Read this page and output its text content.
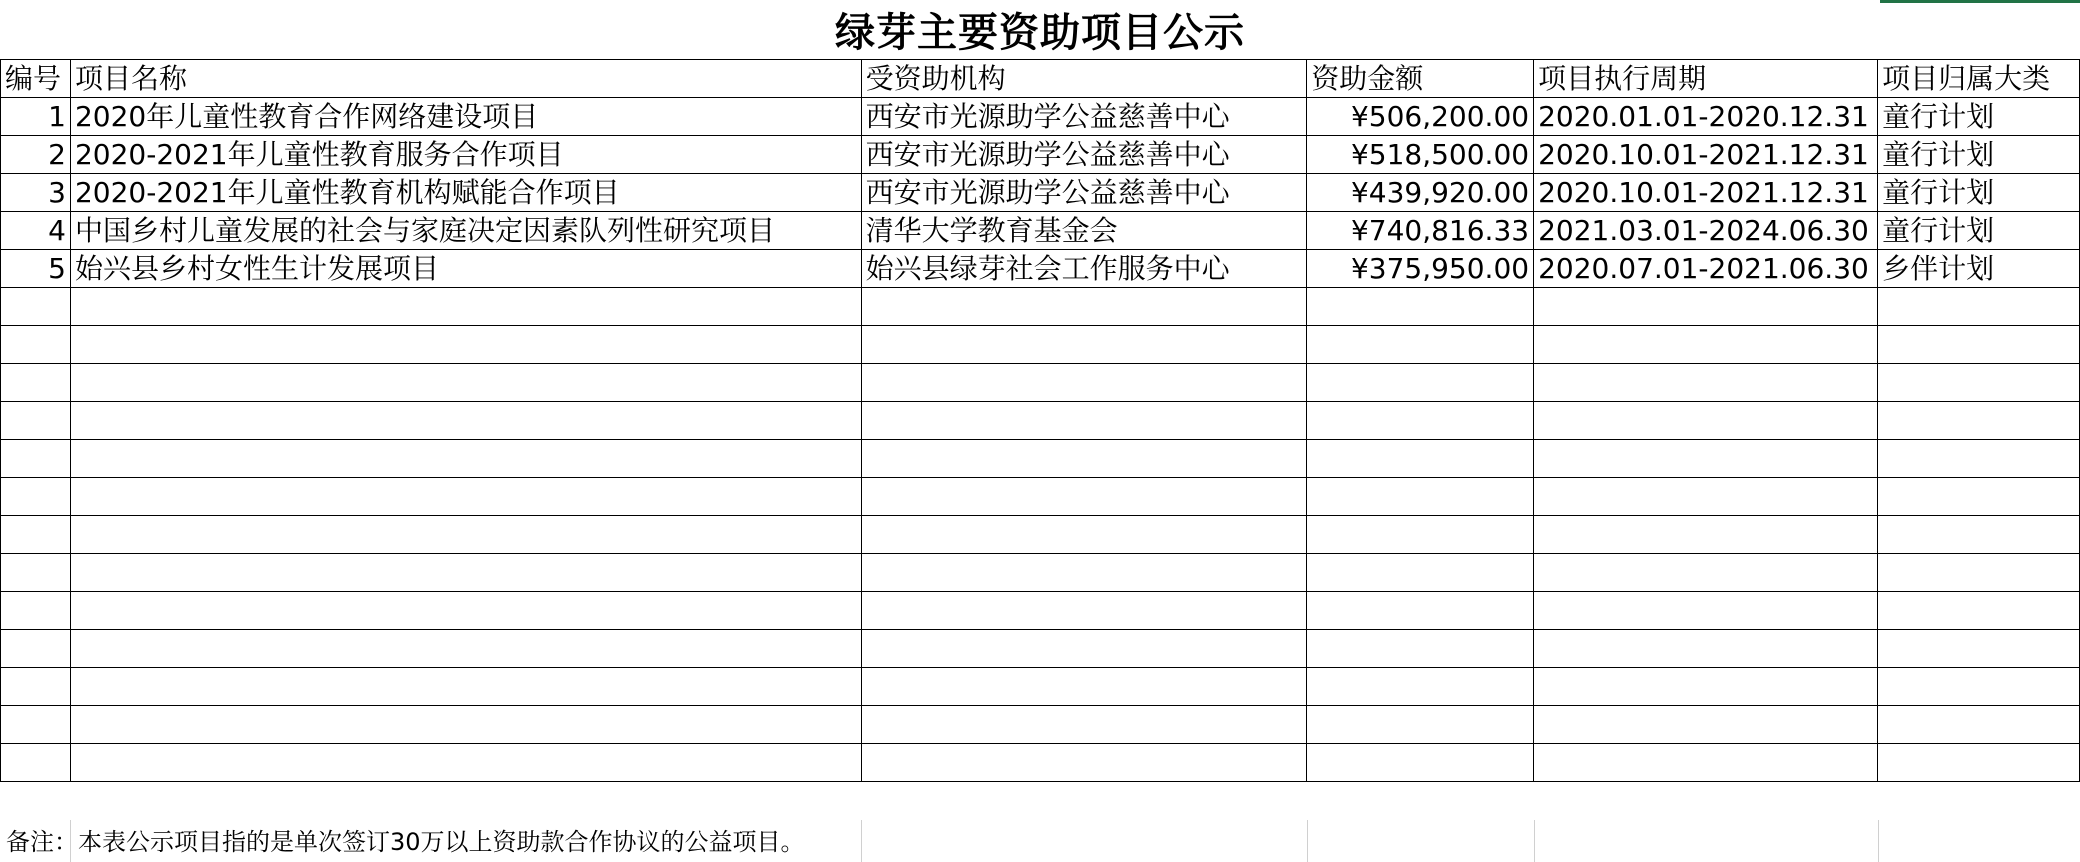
绿芽主要资助项目公示
编号	项目名称	受资助机构	资助金额	项目执行周期	项目归属大类
1	2020年儿童性教育合作网络建设项目	西安市光源助学公益慈善中心	¥506,200.00	2020.01.01-2020.12.31	童行计划
2	2020-2021年儿童性教育服务合作项目	西安市光源助学公益慈善中心	¥518,500.00	2020.10.01-2021.12.31	童行计划
3	2020-2021年儿童性教育机构赋能合作项目	西安市光源助学公益慈善中心	¥439,920.00	2020.10.01-2021.12.31	童行计划
4	中国乡村儿童发展的社会与家庭决定因素队列性研究项目	清华大学教育基金会	¥740,816.33	2021.03.01-2024.06.30	童行计划
5	始兴县乡村女性生计发展项目	始兴县绿芽社会工作服务中心	¥375,950.00	2020.07.01-2021.06.30	乡伴计划

备注：本表公示项目指的是单次签订30万以上资助款合作协议的公益项目。
